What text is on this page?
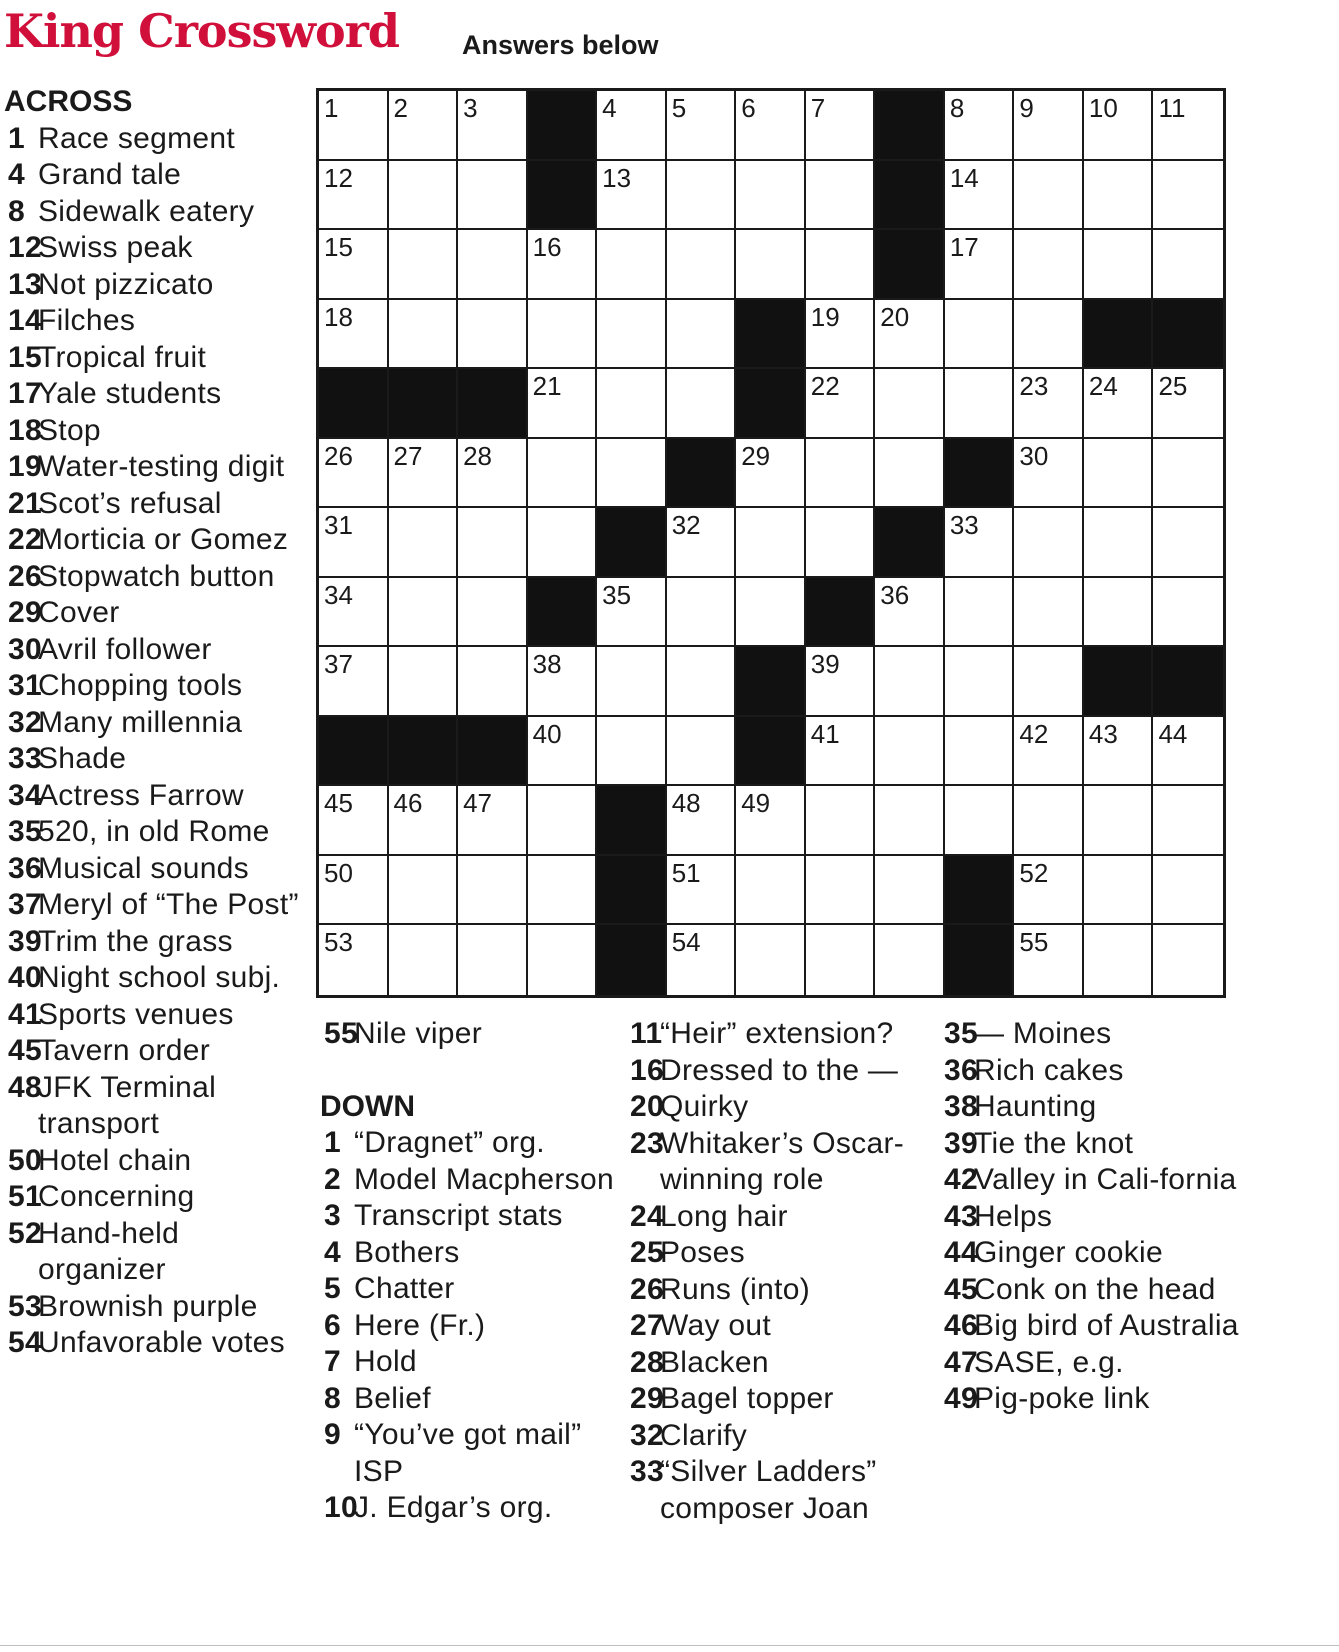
King Crossword Answers below
1 2 3	4 5 6 7	8 9 10 11
12	13	14
15	16	17
18	19 20
21	22	23 24 25
26 27 28	29	30
31	32	33
34	35	36
37	38	39
40	41	42 43 44
45 46 47	48 49
50	51	52
53	54	55
ACROSS
1 Race segment
4 Grand tale
8 Sidewalk eatery
12
Swiss peak
13
Not pizzicato
14
Filches
15
Tropical fruit
17
Yale students
18
Stop
19
Water-testing digit
21
Scot’s refusal
22
Morticia or Gomez
26
Stopwatch button
29
Cover
30
Avril follower
31
Chopping tools
32
Many millennia
33
Shade
34
Actress Farrow
35
520, in old Rome
36
Musical sounds
37
Meryl of “The Post”
39
Trim the grass
40
Night school subj.
41
Sports venues
45
Tavern order
48
JFK Terminal transport
50
Hotel chain
51
Concerning
52
Hand-held organizer
53
Brownish purple
54
Unfavorable votes
55
Nile viper
DOWN
1 “Dragnet” org.
2 Model Macpherson
3 Transcript stats
4 Bothers
5 Chatter
6 Here (Fr.)
7 Hold
8 Belief
9 “You’ve got mail” ISP
10
J. Edgar’s org.
11
“Heir” extension?
16
Dressed to the —
20
Quirky
23
Whitaker’s Oscar-winning role
24
Long hair
25
Poses
26
Runs (into)
27
Way out
28
Blacken
29
Bagel topper
32
Clarify
33
“Silver Ladders” composer Joan
35
— Moines
36
Rich cakes
38
Haunting
39
Tie the knot
42
Valley in Cali-fornia
43
Helps
44
Ginger cookie
45
Conk on the head
46
Big bird of Australia
47
SASE, e.g.
49
Pig-poke link
